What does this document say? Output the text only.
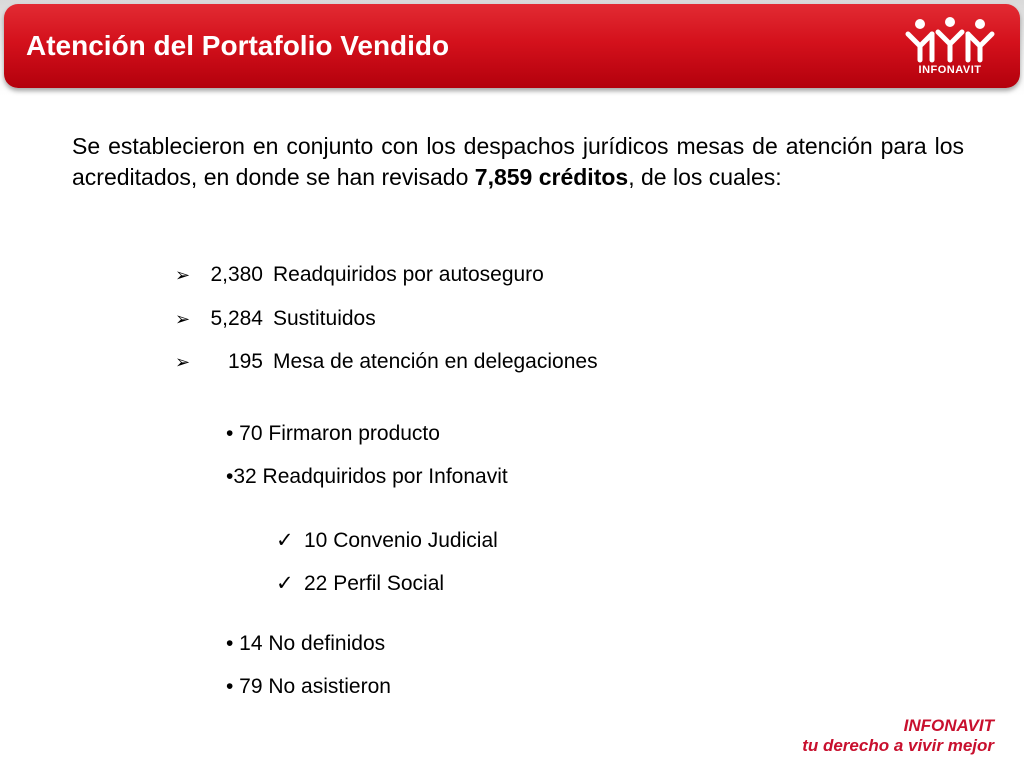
Atención del Portafolio Vendido
INFONAVIT
Se establecieron en conjunto con los despachos jurídicos mesas de atención para los acreditados, en donde se han revisado 7,859 créditos, de los cuales:
➢ 2,380 Readquiridos por autoseguro
➢ 5,284 Sustituidos
➢ 195 Mesa de atención en delegaciones
• 70 Firmaron producto
•32 Readquiridos por Infonavit
✓ 10 Convenio Judicial
✓ 22 Perfil Social
• 14 No definidos
• 79 No asistieron
INFONAVIT
tu derecho a vivir mejor
